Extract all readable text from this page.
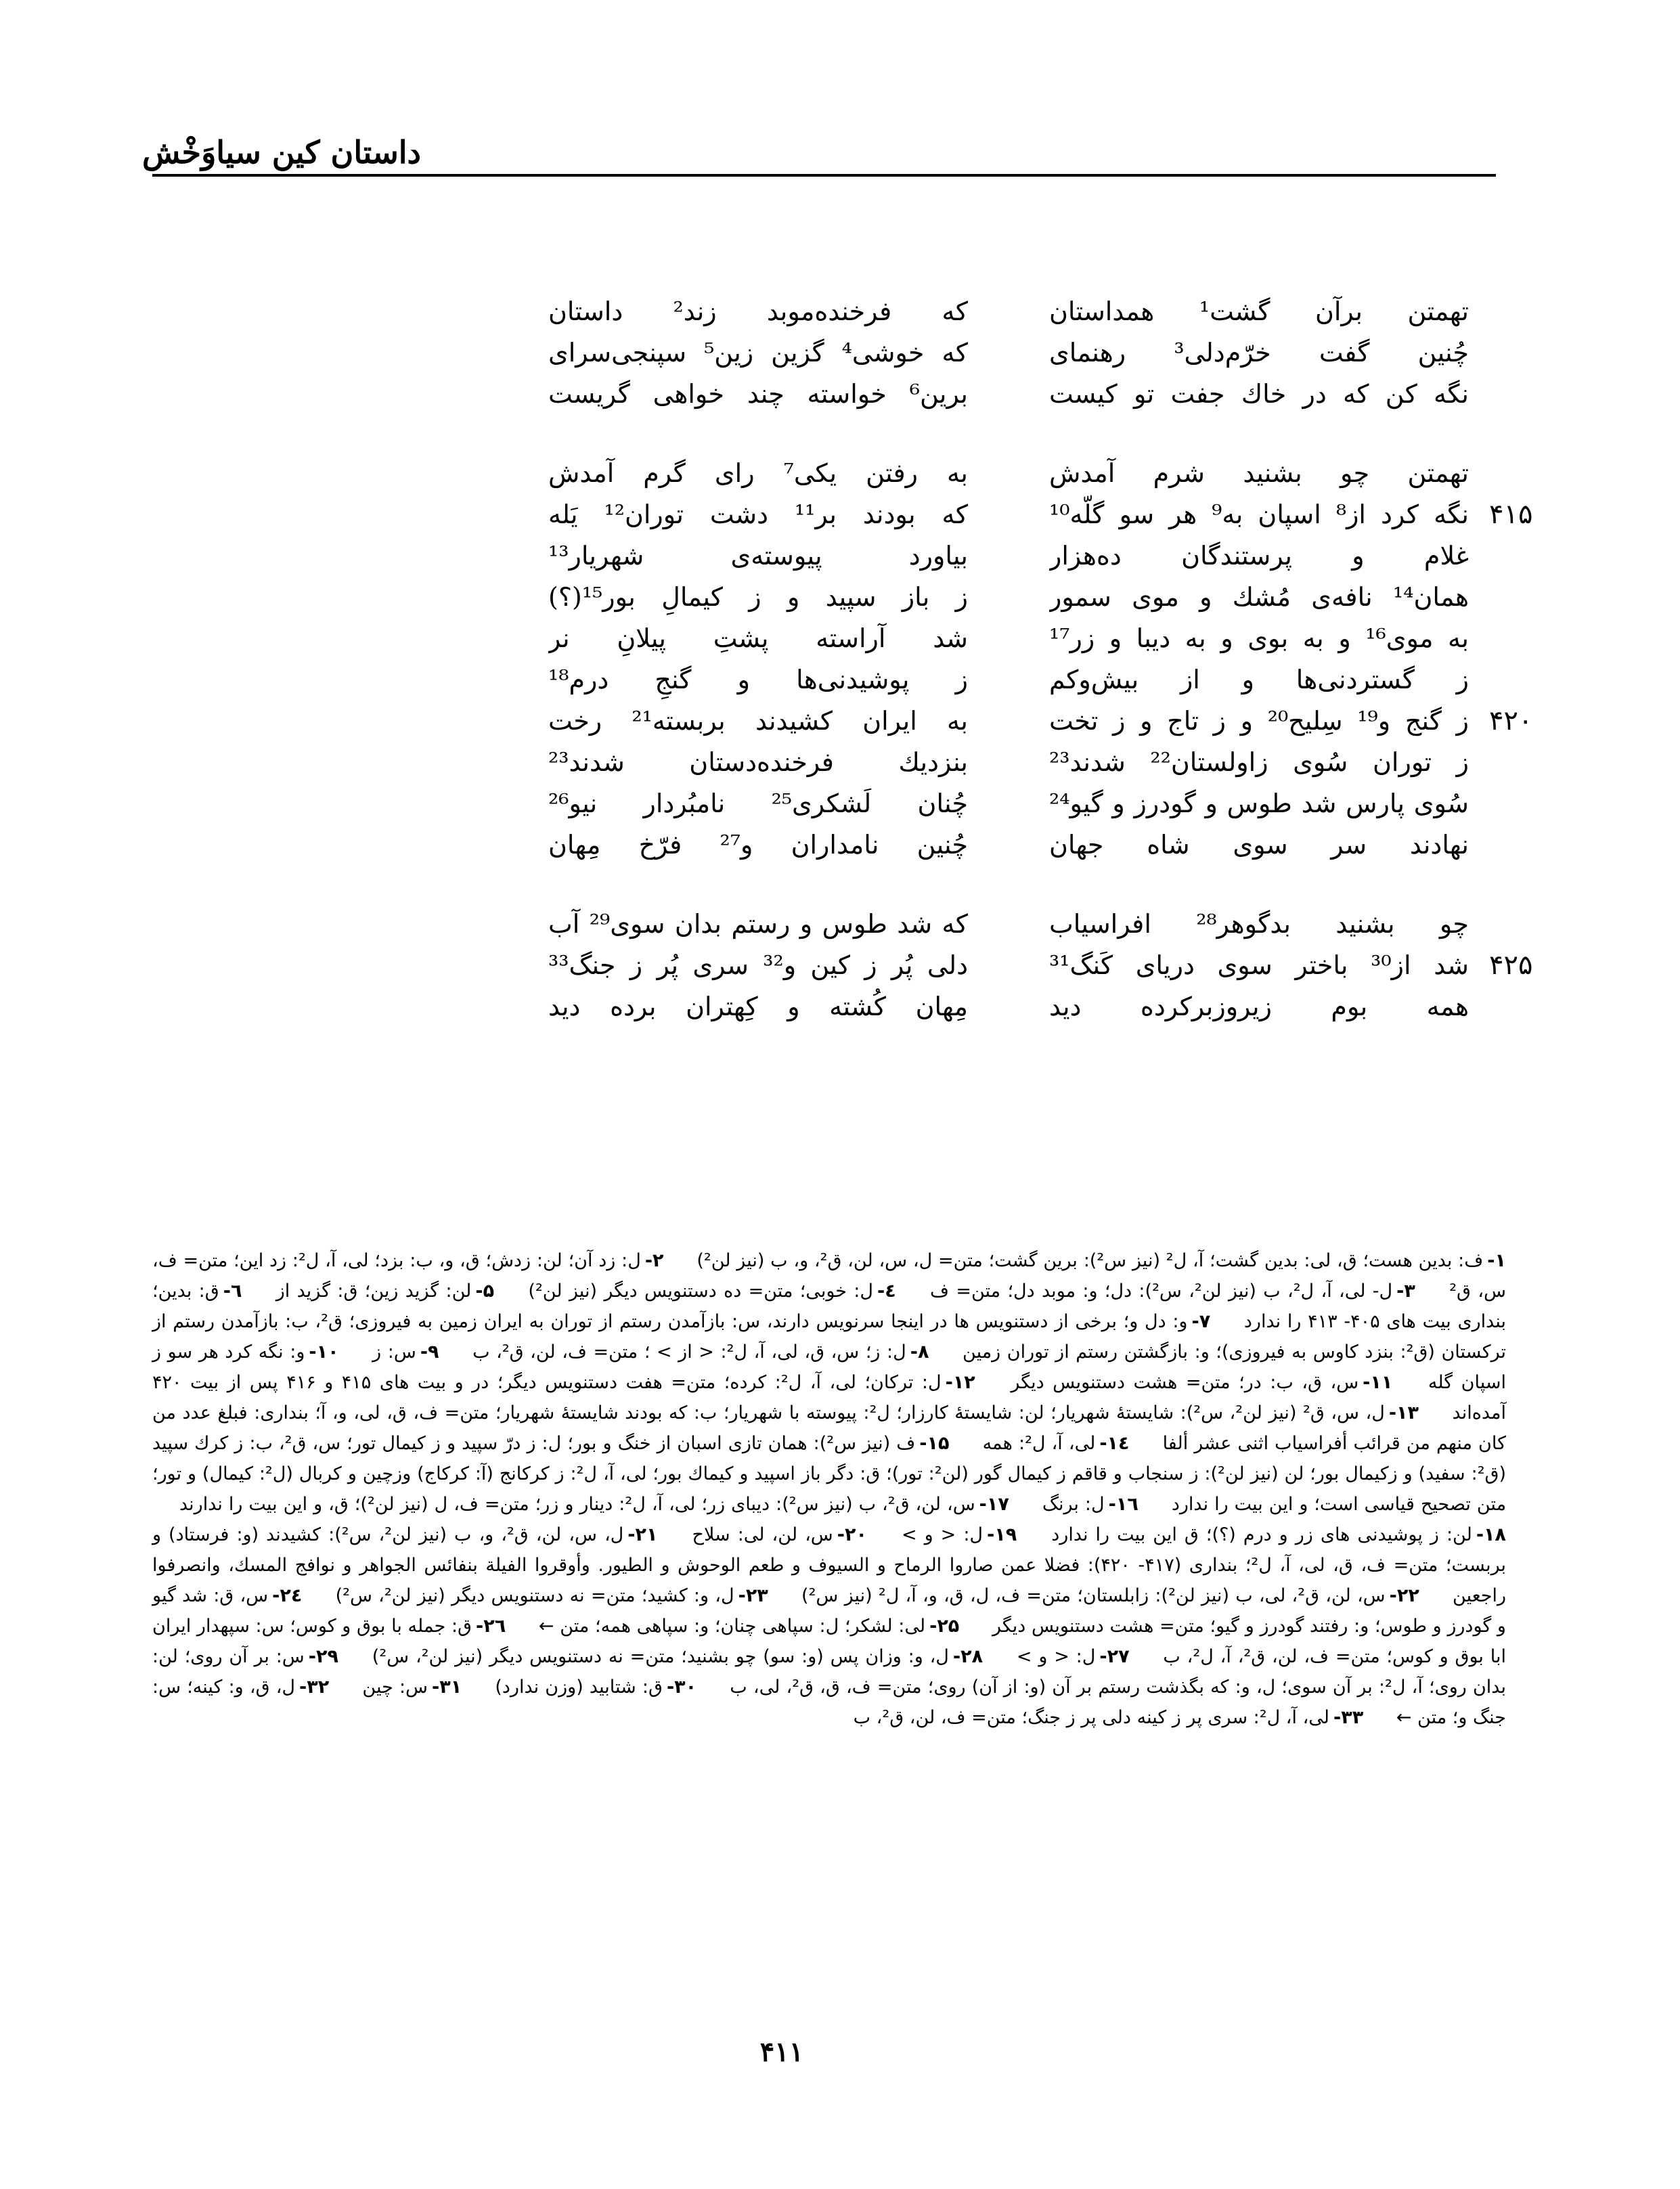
داستان کین سیاوَخْش
تهمتن برآن گشت¹ همداستان
که فرخنده‌موبد زند² داستان
چُنین گفت خرّم‌دلی³ رهنمای
که خوشی⁴ گزین زین⁵ سپنجی‌سرای
نگه کن که در خاك جفت تو کیست
برین⁶ خواسته چند خواهی گریست
تهمتن چو بشنید شرم آمدش
به رفتن یکی⁷ رای گرم آمدش
۴۱۵
نگه کرد از⁸ اسپان به⁹ هر سو گلّه¹⁰
که بودند بر¹¹ دشت توران¹² یَله
غلام و پرستندگان ده‌هزار
بیاورد پیوسته‌ی شهریار¹³
همان¹⁴ نافه‌ی مُشك و موی سمور
ز باز سپید و ز کیمالِ بور¹⁵(؟)
به موی¹⁶ و به بوی و به دیبا و زر¹⁷
شد آراسته پشتِ پیلانِ نر
ز گستردنی‌ها و از بیش‌وکم
ز پوشیدنی‌ها و گنجِ درم¹⁸
۴۲۰
ز گنج و¹⁹ سِلیح²⁰ و ز تاج و ز تخت
به ایران کشیدند بربسته²¹ رخت
ز توران سُوی زاولستان²² شدند²³
بنزدیك فرخنده‌دستان شدند²³
سُوی پارس شد طوس و گودرز و گیو²⁴
چُنان لَشکری²⁵ نامبُردار نیو²⁶
نهادند سر سوی شاه جهان
چُنین نامداران و²⁷ فرّخ مِهان
چو بشنید بدگوهر²⁸ افراسیاب
که شد طوس و رستم بدان سوی²⁹ آب
۴۲۵
شد از³⁰ باختر سوی دریای کَنگ³¹
دلی پُر ز کین و³² سری پُر ز جنگ³³
همه بوم زیروزبرکرده دید
مِهان کُشته و کِهتران برده دید
۱-ف: بدین هست؛ ق، لی: بدین گشت؛ آ، ل² (نیز س²): برین گشت؛ متن= ل، س، لن، ق²، و، ب (نیز لن²) ۲-ل: زد آن؛ لن: زدش؛ ق، و، ب: بزد؛ لی، آ، ل²: زد این؛ متن= ف، س، ق² ۳-ل- لی، آ، ل²، ب (نیز لن²، س²): دل؛ و: موبد دل؛ متن= ف ٤-ل: خوبی؛ متن= ده دستنویس دیگر (نیز لن²) ۵-لن: گزید زین؛ ق: گزید از ٦-ق: بدین؛ بنداری بیت های ۴۰۵- ۴۱۳ را ندارد ۷-و: دل و؛ برخی از دستنویس ها در اینجا سرنویس دارند، س: بازآمدن رستم از توران به ایران زمین به فیروزی؛ ق²، ب: بازآمدن رستم از ترکستان (ق²: بنزد کاوس به فیروزی)؛ و: بازگشتن رستم از توران زمین ۸-ل: ز؛ س، ق، لی، آ، ل²: < از > ؛ متن= ف، لن، ق²، ب ۹-س: ز ۱۰-و: نگه کرد هر سو ز اسپان گله ۱۱-س، ق، ب: در؛ متن= هشت دستنویس دیگر ۱۲-ل: ترکان؛ لی، آ، ل²: کرده؛ متن= هفت دستنویس دیگر؛ در و بیت های ۴۱۵ و ۴۱۶ پس از بیت ۴۲۰ آمده‌اند ۱۳-ل، س، ق² (نیز لن²، س²): شایستهٔ شهریار؛ لن: شایستهٔ کارزار؛ ل²: پیوسته با شهریار؛ ب: که بودند شایستهٔ شهریار؛ متن= ف، ق، لی، و، آ؛ بنداری: فبلغ عدد من کان منهم من قرائب أفراسیاب اثنی عشر ألفا ١٤-لی، آ، ل²: همه ۱۵-ف (نیز س²): همان تازی اسبان از خنگ و بور؛ ل: ز درّ سپید و ز کیمال تور؛ س، ق²، ب: ز کرك سپید (ق²: سفید) و زکیمال بور؛ لن (نیز لن²): ز سنجاب و قاقم ز کیمال گور (لن²: تور)؛ ق: دگر باز اسپید و کیماك بور؛ لی، آ، ل²: ز کرکانج (آ: کرکاج) وزچین و کربال (ل²: کیمال) و تور؛ متن تصحیح قیاسی است؛ و این بیت را ندارد ١٦-ل: برنگ ۱۷-س، لن، ق²، ب (نیز س²): دیبای زر؛ لی، آ، ل²: دینار و زر؛ متن= ف، ل (نیز لن²)؛ ق، و این بیت را ندارند ۱۸-لن: ز پوشیدنی های زر و درم (؟)؛ ق این بیت را ندارد ۱۹-ل: < و > ۲۰-س، لن، لی: سلاح ۲۱-ل، س، لن، ق²، و، ب (نیز لن²، س²): کشیدند (و: فرستاد) و بربست؛ متن= ف، ق، لی، آ، ل²؛ بنداری (۴۱۷- ۴۲۰): فضلا عمن صاروا الرماح و السیوف و طعم الوحوش و الطیور. وأوقروا الفیلة بنفائس الجواهر و نوافج المسك، وانصرفوا راجعین ۲۲-س، لن، ق²، لی، ب (نیز لن²): زابلستان؛ متن= ف، ل، ق، و، آ، ل² (نیز س²) ۲۳-ل، و: کشید؛ متن= نه دستنویس دیگر (نیز لن²، س²) ٢٤-س، ق: شد گیو و گودرز و طوس؛ و: رفتند گودرز و گیو؛ متن= هشت دستنویس دیگر ۲۵-لی: لشکر؛ ل: سپاهی چنان؛ و: سپاهی همه؛ متن ← ٢٦-ق: جمله با بوق و کوس؛ س: سپهدار ایران ابا بوق و کوس؛ متن= ف، لن، ق²، آ، ل²، ب ۲۷-ل: < و > ۲۸-ل، و: وزان پس (و: سو) چو بشنید؛ متن= نه دستنویس دیگر (نیز لن²، س²) ۲۹-س: بر آن روی؛ لن: بدان روی؛ آ، ل²: بر آن سوی؛ ل، و: که بگذشت رستم بر آن (و: از آن) روی؛ متن= ف، ق، ق²، لی، ب ۳۰-ق: شتابید (وزن ندارد) ۳۱-س: چین ۳۲-ل، ق، و: کینه؛ س: جنگ و؛ متن ← ۳۳-لی، آ، ل²: سری پر ز کینه دلی پر ز جنگ؛ متن= ف، لن، ق²، ب
۴۱۱
